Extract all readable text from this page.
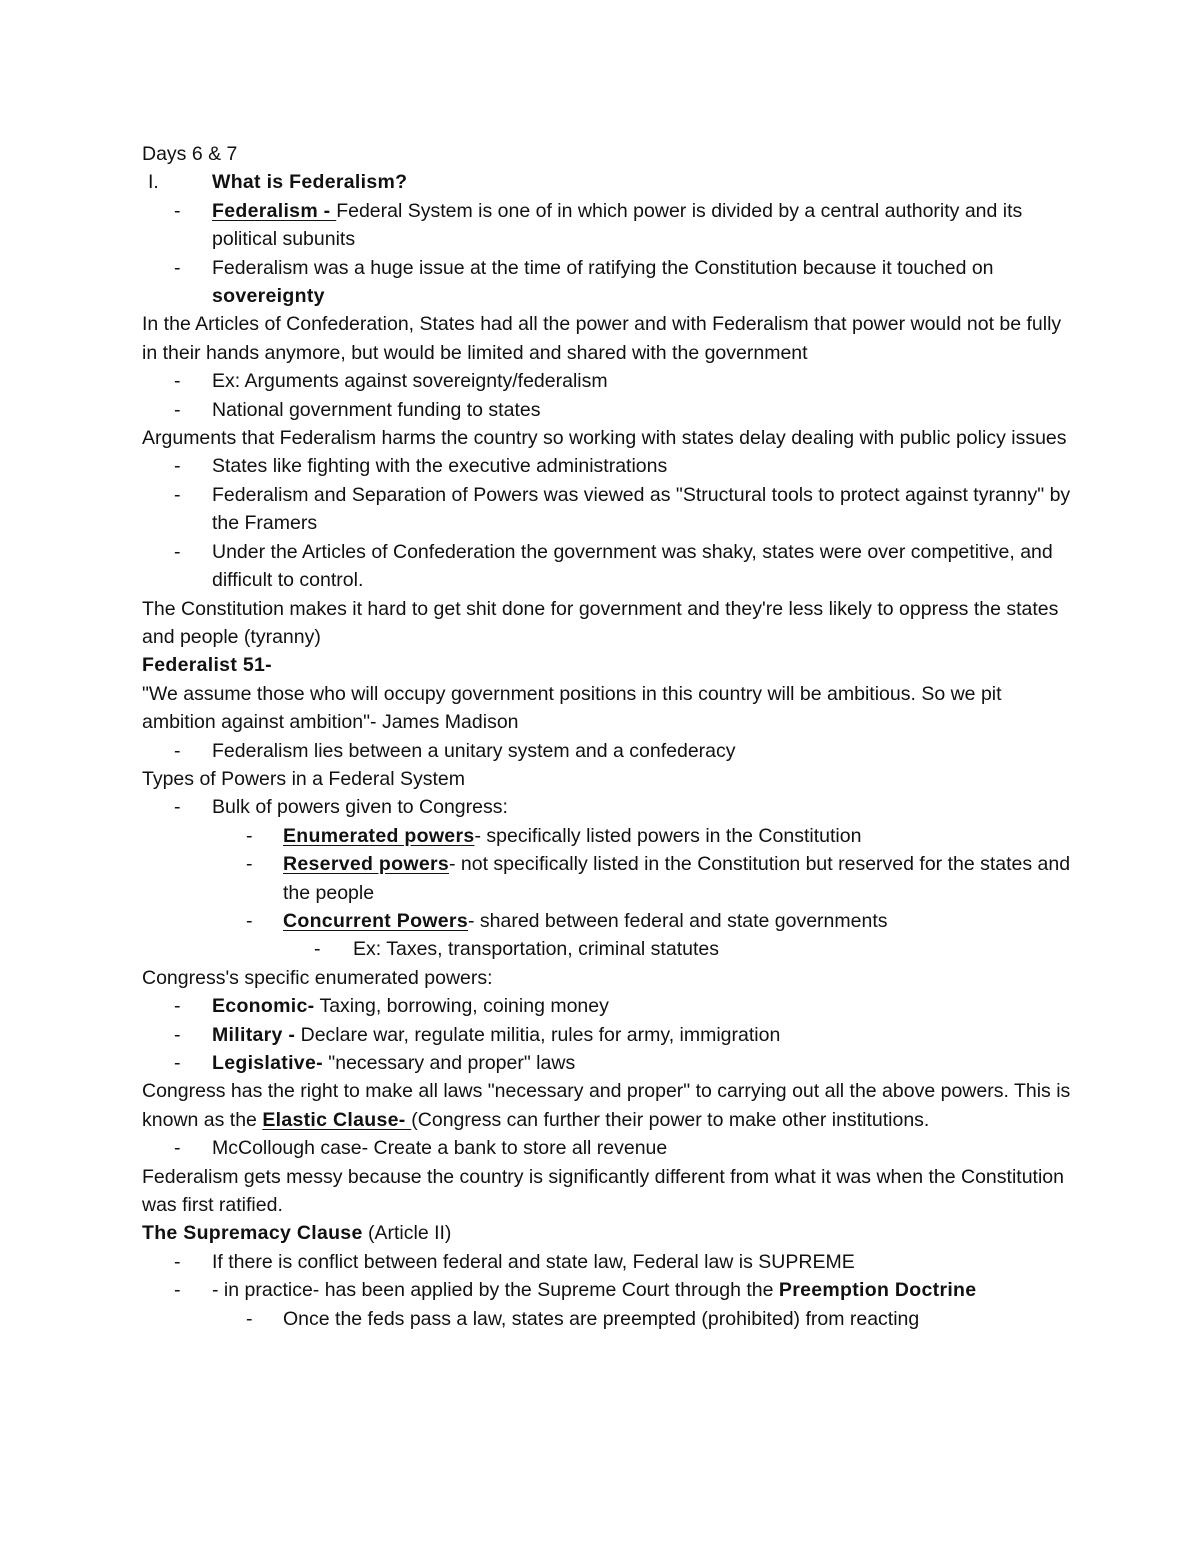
Days 6 & 7
I.	What is Federalism?
- Federalism - Federal System is one of in which power is divided by a central authority and its political subunits
- Federalism was a huge issue at the time of ratifying the Constitution because it touched on sovereignty
In the Articles of Confederation, States had all the power and with Federalism that power would not be fully in their hands anymore, but would be limited and shared with the government
- Ex: Arguments against sovereignty/federalism
- National government funding to states
Arguments that Federalism harms the country so working with states delay dealing with public policy issues
- States like fighting with the executive administrations
- Federalism and Separation of Powers was viewed as "Structural tools to protect against tyranny" by the Framers
- Under the Articles of Confederation the government was shaky, states were over competitive, and difficult to control.
The Constitution makes it hard to get shit done for government and they're less likely to oppress the states and people (tyranny)
Federalist 51-
"We assume those who will occupy government positions in this country will be ambitious. So we pit ambition against ambition"- James Madison
- Federalism lies between a unitary system and a confederacy
Types of Powers in a Federal System
- Bulk of powers given to Congress:
- Enumerated powers- specifically listed powers in the Constitution
- Reserved powers- not specifically listed in the Constitution but reserved for the states and the people
- Concurrent Powers- shared between federal and state governments
- Ex: Taxes, transportation, criminal statutes
Congress's specific enumerated powers:
- Economic- Taxing, borrowing, coining money
- Military - Declare war, regulate militia, rules for army, immigration
- Legislative- "necessary and proper" laws
Congress has the right to make all laws "necessary and proper" to carrying out all the above powers. This is known as the Elastic Clause- (Congress can further their power to make other institutions.
- McCollough case- Create a bank to store all revenue
Federalism gets messy because the country is significantly different from what it was when the Constitution was first ratified.
The Supremacy Clause (Article II)
- If there is conflict between federal and state law, Federal law is SUPREME
- - in practice- has been applied by the Supreme Court through the Preemption Doctrine
- Once the feds pass a law, states are preempted (prohibited) from reacting
